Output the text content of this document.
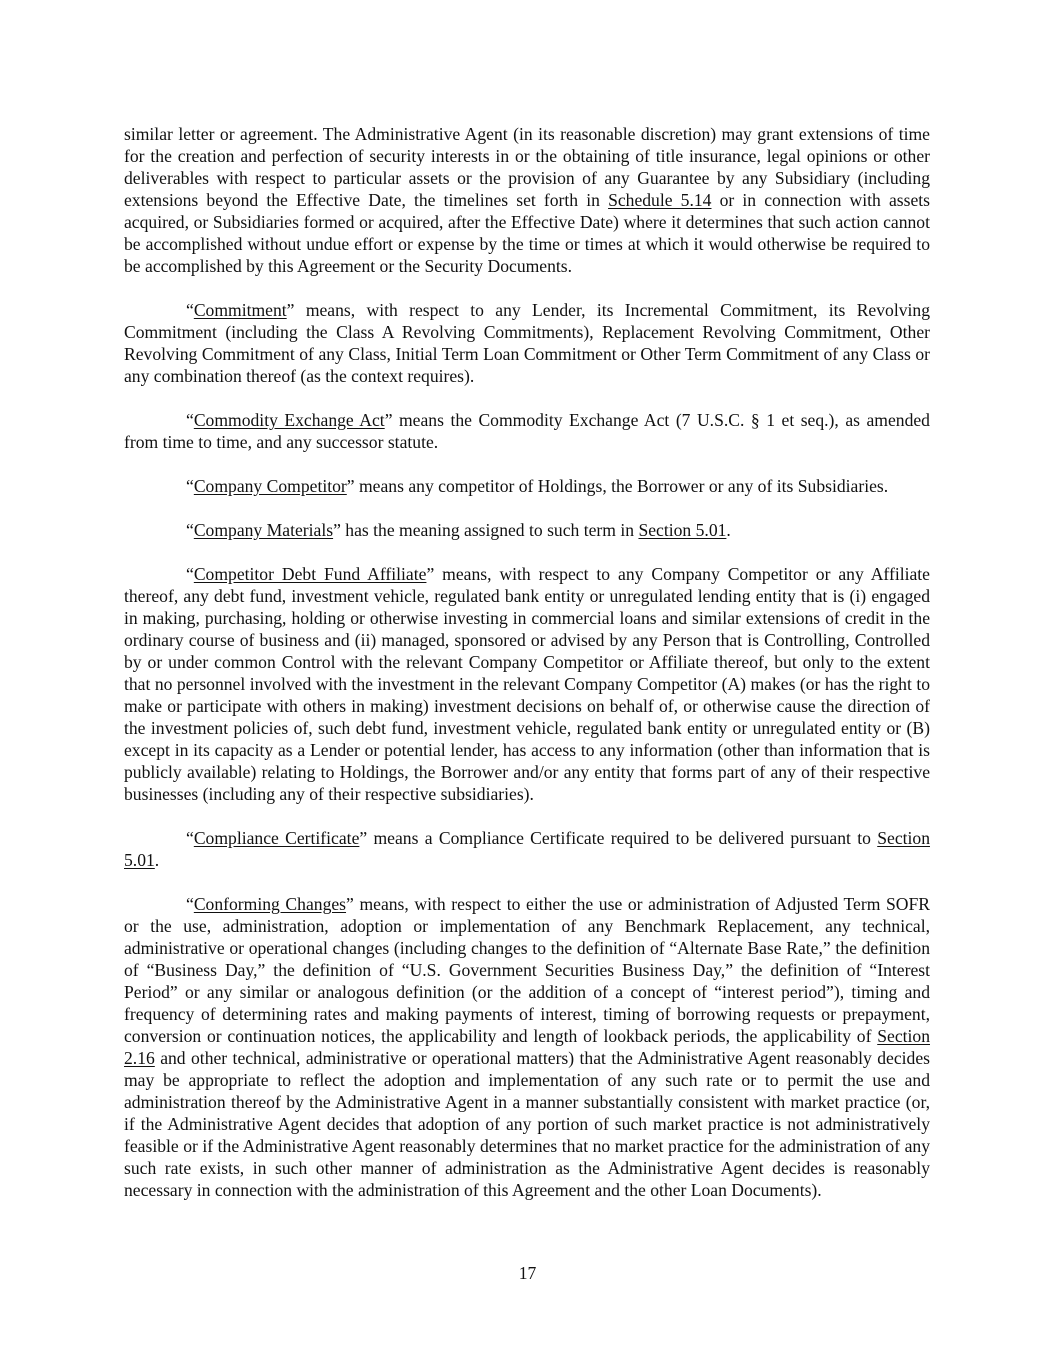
similar letter or agreement. The Administrative Agent (in its reasonable discretion) may grant extensions of time for the creation and perfection of security interests in or the obtaining of title insurance, legal opinions or other deliverables with respect to particular assets or the provision of any Guarantee by any Subsidiary (including extensions beyond the Effective Date, the timelines set forth in Schedule 5.14 or in connection with assets acquired, or Subsidiaries formed or acquired, after the Effective Date) where it determines that such action cannot be accomplished without undue effort or expense by the time or times at which it would otherwise be required to be accomplished by this Agreement or the Security Documents.

“Commitment” means, with respect to any Lender, its Incremental Commitment, its Revolving Commitment (including the Class A Revolving Commitments), Replacement Revolving Commitment, Other Revolving Commitment of any Class, Initial Term Loan Commitment or Other Term Commitment of any Class or any combination thereof (as the context requires).

“Commodity Exchange Act” means the Commodity Exchange Act (7 U.S.C. § 1 et seq.), as amended from time to time, and any successor statute.

“Company Competitor” means any competitor of Holdings, the Borrower or any of its Subsidiaries.

“Company Materials” has the meaning assigned to such term in Section 5.01.

“Competitor Debt Fund Affiliate” means, with respect to any Company Competitor or any Affiliate thereof, any debt fund, investment vehicle, regulated bank entity or unregulated lending entity that is (i) engaged in making, purchasing, holding or otherwise investing in commercial loans and similar extensions of credit in the ordinary course of business and (ii) managed, sponsored or advised by any Person that is Controlling, Controlled by or under common Control with the relevant Company Competitor or Affiliate thereof, but only to the extent that no personnel involved with the investment in the relevant Company Competitor (A) makes (or has the right to make or participate with others in making) investment decisions on behalf of, or otherwise cause the direction of the investment policies of, such debt fund, investment vehicle, regulated bank entity or unregulated entity or (B) except in its capacity as a Lender or potential lender, has access to any information (other than information that is publicly available) relating to Holdings, the Borrower and/or any entity that forms part of any of their respective businesses (including any of their respective subsidiaries).

“Compliance Certificate” means a Compliance Certificate required to be delivered pursuant to Section 5.01.

“Conforming Changes” means, with respect to either the use or administration of Adjusted Term SOFR or the use, administration, adoption or implementation of any Benchmark Replacement, any technical, administrative or operational changes (including changes to the definition of “Alternate Base Rate,” the definition of “Business Day,” the definition of “U.S. Government Securities Business Day,” the definition of “Interest Period” or any similar or analogous definition (or the addition of a concept of “interest period”), timing and frequency of determining rates and making payments of interest, timing of borrowing requests or prepayment, conversion or continuation notices, the applicability and length of lookback periods, the applicability of Section 2.16 and other technical, administrative or operational matters) that the Administrative Agent reasonably decides may be appropriate to reflect the adoption and implementation of any such rate or to permit the use and administration thereof by the Administrative Agent in a manner substantially consistent with market practice (or, if the Administrative Agent decides that adoption of any portion of such market practice is not administratively feasible or if the Administrative Agent reasonably determines that no market practice for the administration of any such rate exists, in such other manner of administration as the Administrative Agent decides is reasonably necessary in connection with the administration of this Agreement and the other Loan Documents).

17
